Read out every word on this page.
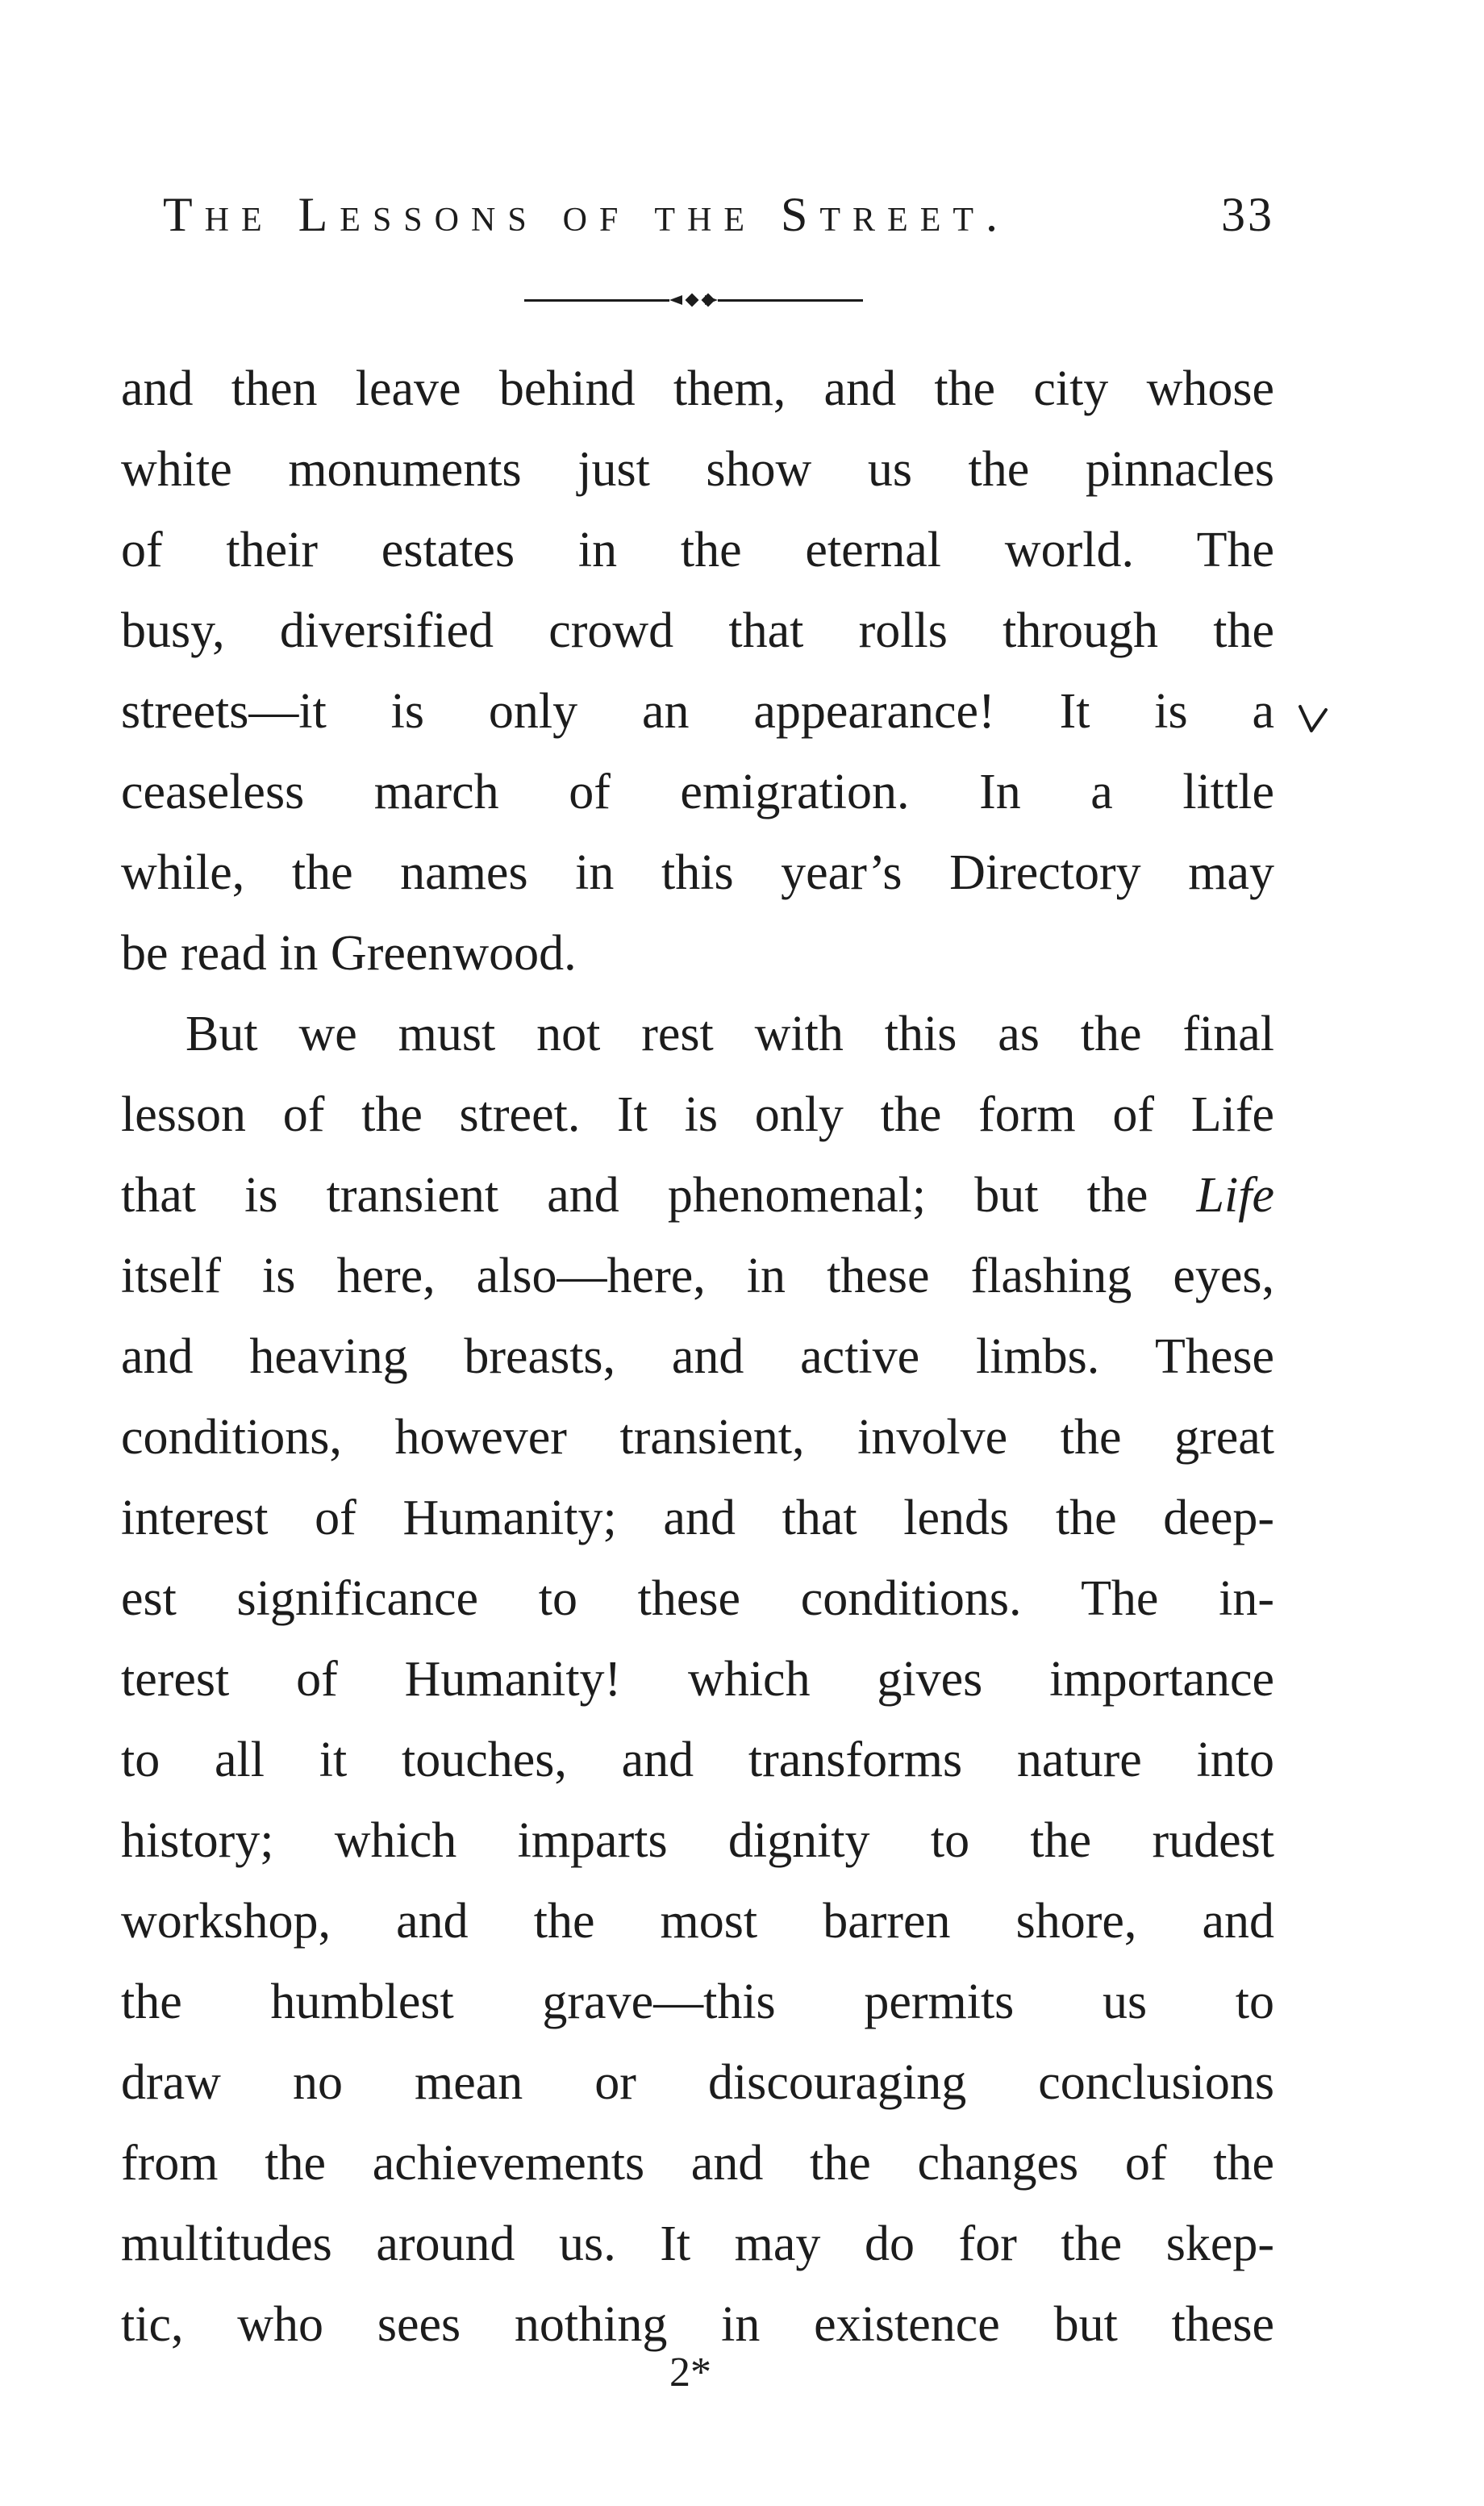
The Lessons of the Street.	33
and then leave behind them, and the city whose
white monuments just show us the pinnacles
of their estates in the eternal world. The
busy, diversified crowd that rolls through the
streets—it is only an appearance! It is a
ceaseless march of emigration. In a little
while, the names in this year’s Directory may
be read in Greenwood.
But we must not rest with this as the final
lesson of the street. It is only the form of Life
that is transient and phenomenal; but the Life
itself is here, also—here, in these flashing eyes,
and heaving breasts, and active limbs. These
conditions, however transient, involve the great
interest of Humanity; and that lends the deep-
est significance to these conditions. The in-
terest of Humanity! which gives importance
to all it touches, and transforms nature into
history; which imparts dignity to the rudest
workshop, and the most barren shore, and
the humblest grave—this permits us to
draw no mean or discouraging conclusions
from the achievements and the changes of the
multitudes around us. It may do for the skep-
tic, who sees nothing in existence but these
2*
